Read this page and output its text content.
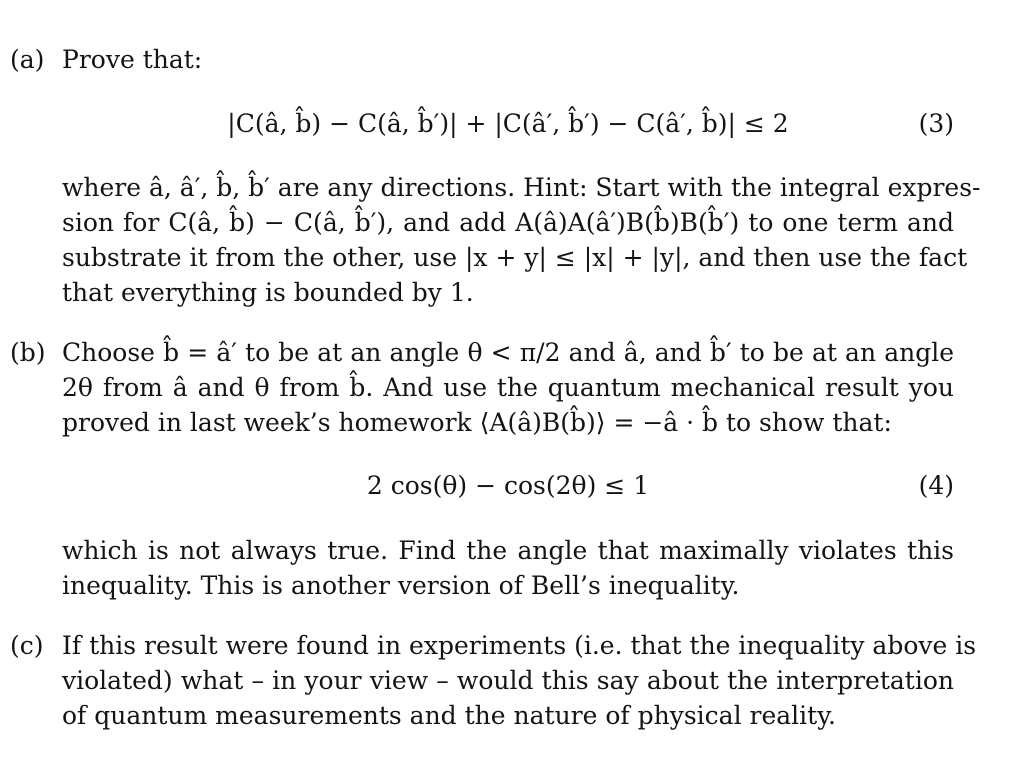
(a) Prove that:
|C(â, b̂) − C(â, b̂′)| + |C(â′, b̂′) − C(â′, b̂)| ≤ 2	(3)
where â, â′, b̂, b̂′ are any directions. Hint: Start with the integral expres-
sion for C(â, b̂) − C(â, b̂′), and add A(â)A(â′)B(b̂)B(b̂′) to one term and
substrate it from the other, use |x + y| ≤ |x| + |y|, and then use the fact
that everything is bounded by 1.
(b) Choose b̂ = â′ to be at an angle θ < π/2 and â, and b̂′ to be at an angle
2θ from â and θ from b̂. And use the quantum mechanical result you
proved in last week’s homework ⟨A(â)B(b̂)⟩ = −â · b̂ to show that:
2 cos(θ) − cos(2θ) ≤ 1	(4)
which is not always true. Find the angle that maximally violates this
inequality. This is another version of Bell’s inequality.
(c) If this result were found in experiments (i.e. that the inequality above is
violated) what – in your view – would this say about the interpretation
of quantum measurements and the nature of physical reality.
